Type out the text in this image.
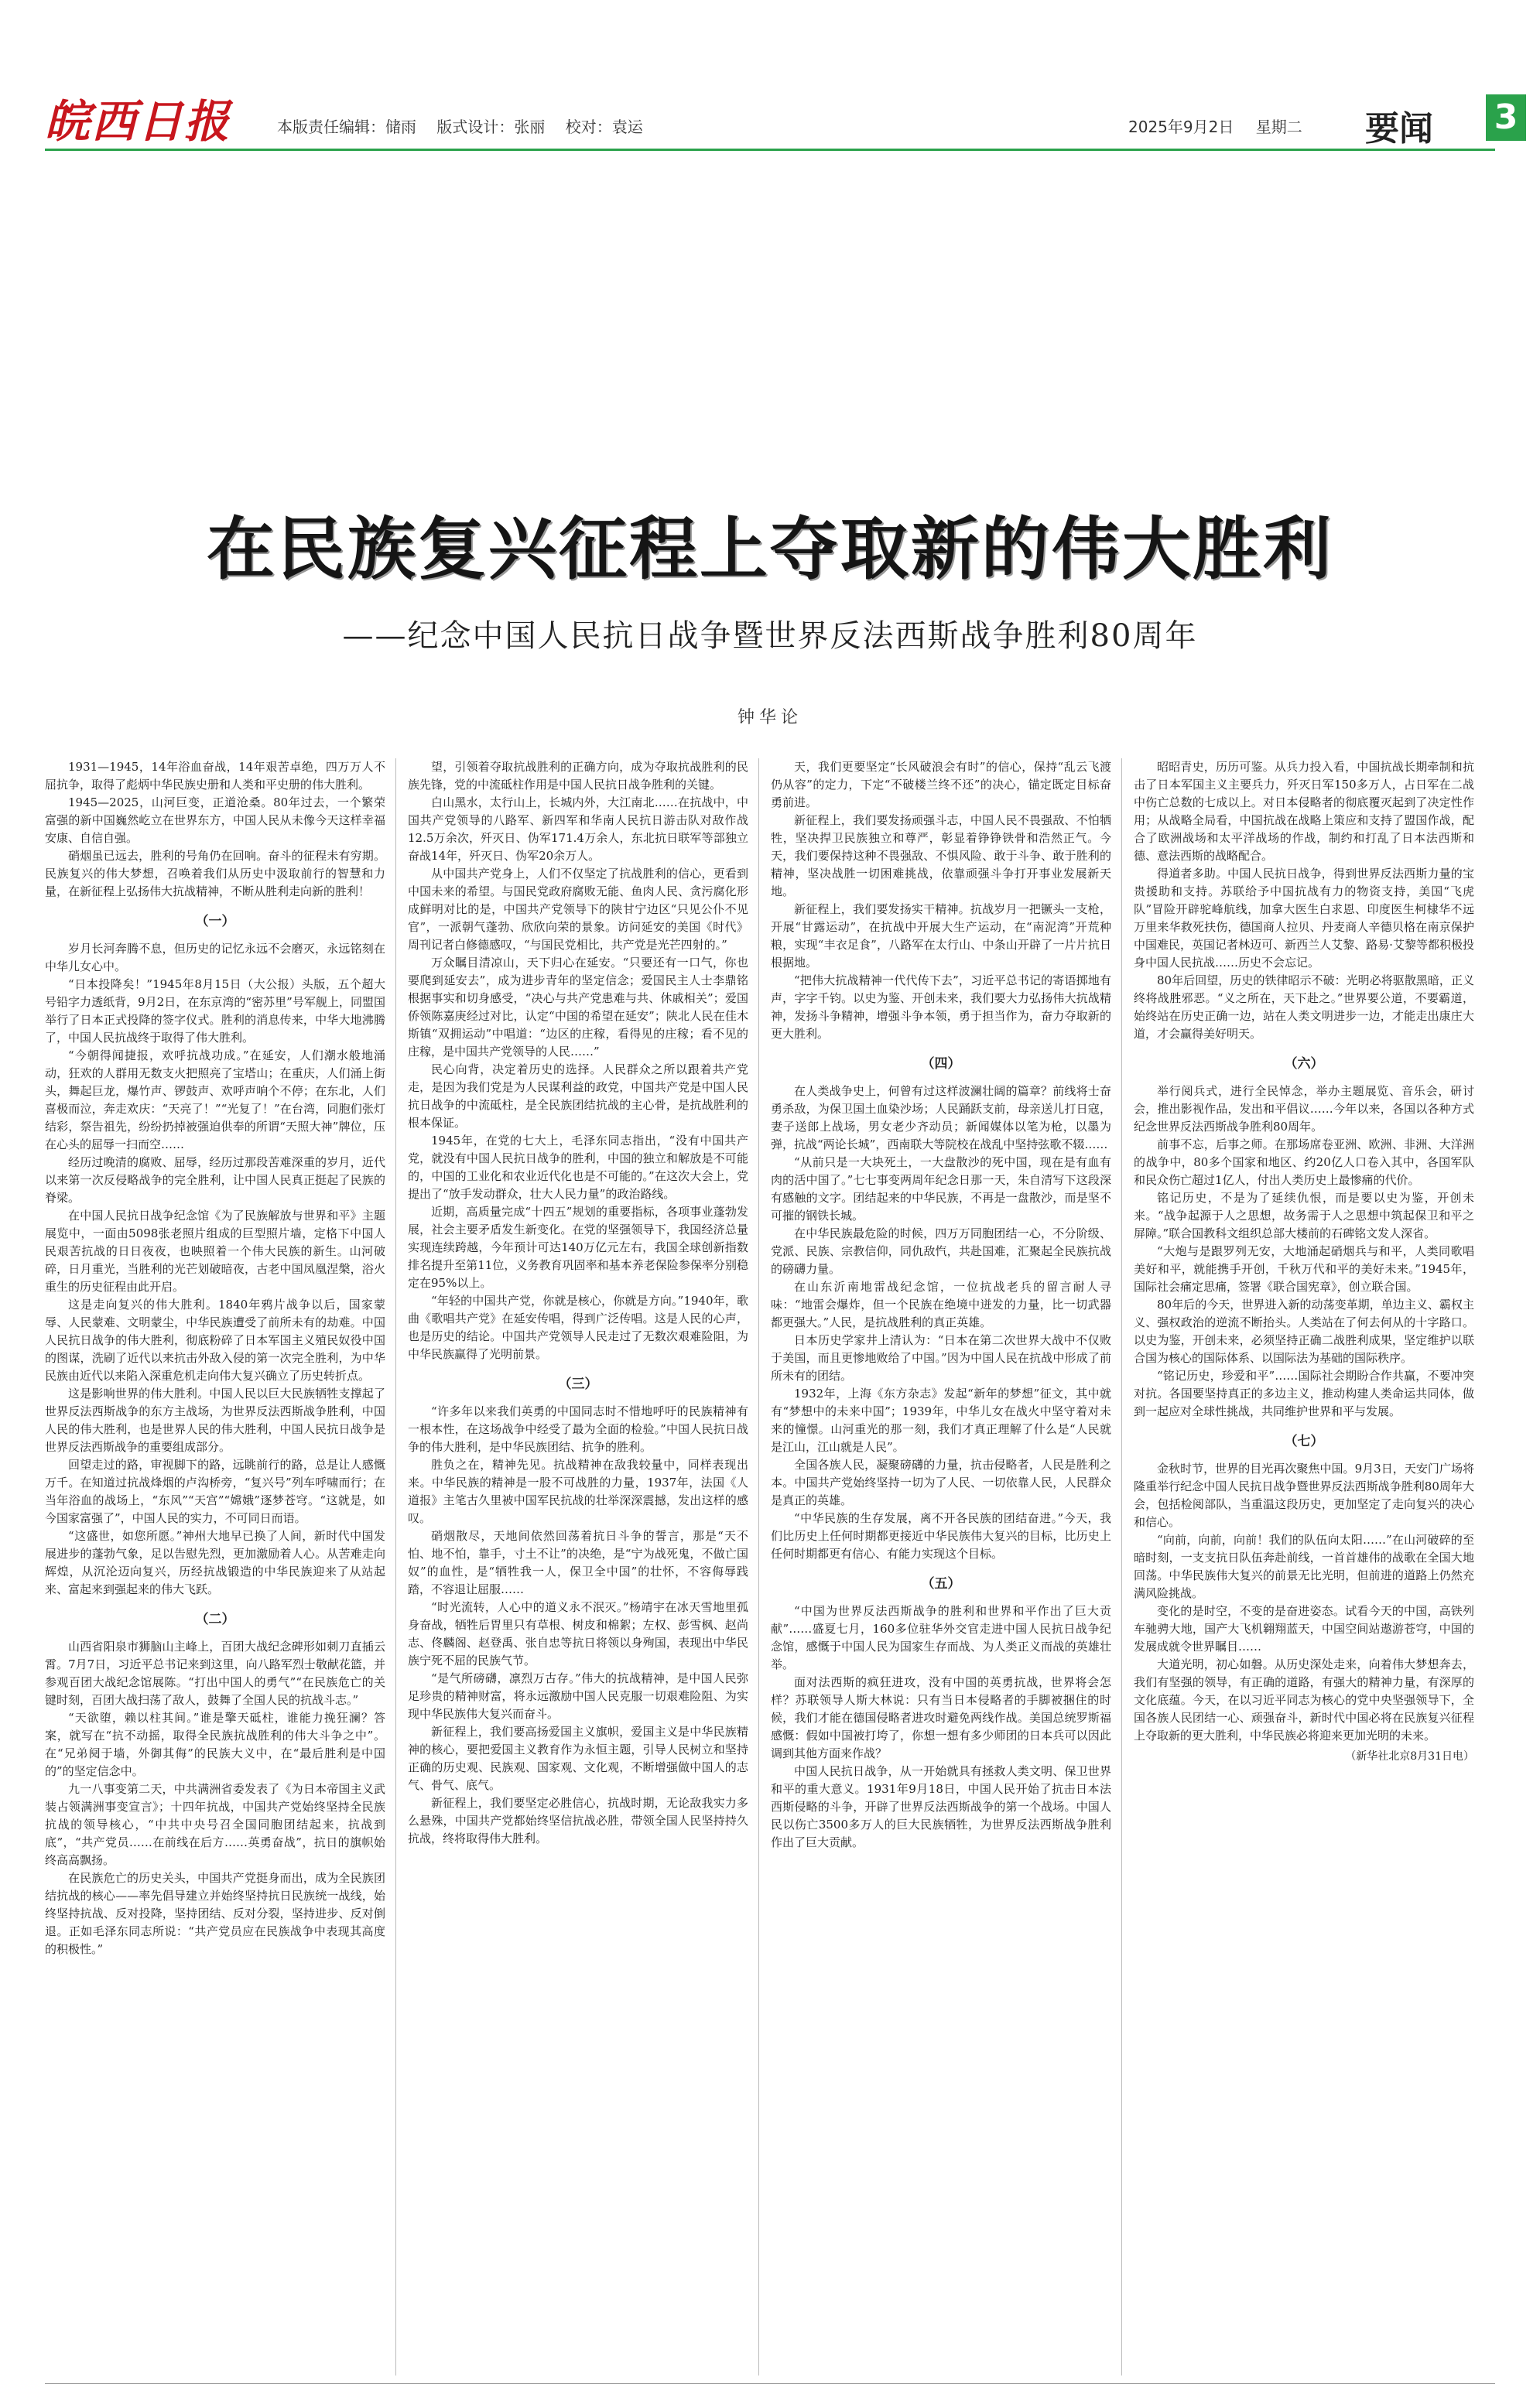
皖西日报	本版责任编辑：储雨 版式设计：张丽 校对：袁运	2025年9月2日 星期二	要闻 3
在民族复兴征程上夺取新的伟大胜利
——纪念中国人民抗日战争暨世界反法西斯战争胜利80周年
钟华论

1931—1945，14年浴血奋战，14年艰苦卓绝，四万万人不屈抗争，取得了彪炳中华民族史册和人类和平史册的伟大胜利。

1945—2025，山河巨变，正道沧桑。80年过去，一个繁荣富强的新中国巍然屹立在世界东方，中国人民从未像今天这样幸福安康、自信自强。

硝烟虽已远去，胜利的号角仍在回响。奋斗的征程未有穷期。民族复兴的伟大梦想，召唤着我们从历史中汲取前行的智慧和力量，在新征程上弘扬伟大抗战精神，不断从胜利走向新的胜利！

（一）

岁月长河奔腾不息，但历史的记忆永远不会磨灭，永远铭刻在中华儿女心中。

“日本投降矣！”1945年8月15日（大公报）头版，五个超大号铅字力透纸背，9月2日，在东京湾的“密苏里”号军舰上，同盟国举行了日本正式投降的签字仪式。胜利的消息传来，中华大地沸腾了，中国人民抗战终于取得了伟大胜利。

“今朝得闻捷报，欢呼抗战功成。”在延安，人们潮水般地涌动，狂欢的人群用无数支火把照亮了宝塔山；在重庆，人们涌上街头，舞起巨龙，爆竹声、锣鼓声、欢呼声响个不停；在东北，人们喜极而泣，奔走欢庆：“天亮了！”“光复了！”在台湾，同胞们张灯结彩，祭告祖先，纷纷扔掉被强迫供奉的所谓“天照大神”牌位，压在心头的屈辱一扫而空……

经历过晚清的腐败、屈辱，经历过那段苦难深重的岁月，近代以来第一次反侵略战争的完全胜利，让中国人民真正挺起了民族的脊梁。

在中国人民抗日战争纪念馆《为了民族解放与世界和平》主题展览中，一面由5098张老照片组成的巨型照片墙，定格下中国人民艰苦抗战的日日夜夜，也映照着一个伟大民族的新生。山河破碎，日月重光，当胜利的光芒划破暗夜，古老中国凤凰涅槃，浴火重生的历史征程由此开启。

这是走向复兴的伟大胜利。1840年鸦片战争以后，国家蒙辱、人民蒙难、文明蒙尘，中华民族遭受了前所未有的劫难。中国人民抗日战争的伟大胜利，彻底粉碎了日本军国主义殖民奴役中国的图谋，洗刷了近代以来抗击外敌入侵的第一次完全胜利，为中华民族由近代以来陷入深重危机走向伟大复兴确立了历史转折点。

这是影响世界的伟大胜利。中国人民以巨大民族牺牲支撑起了世界反法西斯战争的东方主战场，为世界反法西斯战争胜利，中国人民的伟大胜利，也是世界人民的伟大胜利，中国人民抗日战争是世界反法西斯战争的重要组成部分。

回望走过的路，审视脚下的路，远眺前行的路，总是让人感慨万千。在知道过抗战烽烟的卢沟桥旁，“复兴号”列车呼啸而行；在当年浴血的战场上，“东风”“天宫”“嫦娥”逐梦苍穹。“这就是，如今国家富强了”，中国人民的实力，不可同日而语。

“这盛世，如您所愿。”神州大地早已换了人间，新时代中国发展进步的蓬勃气象，足以告慰先烈，更加激励着人心。从苦难走向辉煌，从沉沦迈向复兴，历经抗战锻造的中华民族迎来了从站起来、富起来到强起来的伟大飞跃。

（二）

山西省阳泉市狮脑山主峰上，百团大战纪念碑形如刺刀直插云霄。7月7日，习近平总书记来到这里，向八路军烈士敬献花篮，并参观百团大战纪念馆展陈。“打出中国人的勇气”“在民族危亡的关键时刻，百团大战扫荡了敌人，鼓舞了全国人民的抗战斗志。”

“天欲堕，赖以柱其间。”谁是擎天砥柱，谁能力挽狂澜？答案，就写在“抗不动摇，取得全民族抗战胜利的伟大斗争之中”。在“兄弟阋于墙，外御其侮”的民族大义中，在“最后胜利是中国的”的坚定信念中。

九一八事变第二天，中共满洲省委发表了《为日本帝国主义武装占领满洲事变宣言》；十四年抗战，中国共产党始终坚持全民族抗战的领导核心，“中共中央号召全国同胞团结起来，抗战到底”，“共产党员……在前线在后方……英勇奋战”，抗日的旗帜始终高高飘扬。

在民族危亡的历史关头，中国共产党挺身而出，成为全民族团结抗战的核心——率先倡导建立并始终坚持抗日民族统一战线，始终坚持抗战、反对投降，坚持团结、反对分裂，坚持进步、反对倒退。正如毛泽东同志所说：“共产党员应在民族战争中表现其高度的积极性。”

望，引领着夺取抗战胜利的正确方向，成为夺取抗战胜利的民族先锋，党的中流砥柱作用是中国人民抗日战争胜利的关键。

白山黑水，太行山上，长城内外，大江南北……在抗战中，中国共产党领导的八路军、新四军和华南人民抗日游击队对敌作战12.5万余次，歼灭日、伪军171.4万余人，东北抗日联军等部独立奋战14年，歼灭日、伪军20余万人。

从中国共产党身上，人们不仅坚定了抗战胜利的信心，更看到中国未来的希望。与国民党政府腐败无能、鱼肉人民、贪污腐化形成鲜明对比的是，中国共产党领导下的陕甘宁边区“只见公仆不见官”，一派朝气蓬勃、欣欣向荣的景象。访问延安的美国《时代》周刊记者白修德感叹，“与国民党相比，共产党是光芒四射的。”

万众瞩目清凉山，天下归心在延安。“只要还有一口气，你也要爬到延安去”，成为进步青年的坚定信念；爱国民主人士李鼎铭根据事实和切身感受，“决心与共产党患难与共、休戚相关”；爱国侨领陈嘉庚经过对比，认定“中国的希望在延安”；陕北人民在佳木斯镇“双拥运动”中唱道：“边区的庄稼，看得见的庄稼；看不见的庄稼，是中国共产党领导的人民……”

民心向背，决定着历史的选择。人民群众之所以跟着共产党走，是因为我们党是为人民谋利益的政党，中国共产党是中国人民抗日战争的中流砥柱，是全民族团结抗战的主心骨，是抗战胜利的根本保证。

1945年，在党的七大上，毛泽东同志指出，“没有中国共产党，就没有中国人民抗日战争的胜利，中国的独立和解放是不可能的，中国的工业化和农业近代化也是不可能的。”在这次大会上，党提出了“放手发动群众，壮大人民力量”的政治路线。

近期，高质量完成“十四五”规划的重要指标，各项事业蓬勃发展，社会主要矛盾发生新变化。在党的坚强领导下，我国经济总量实现连续跨越，今年预计可达140万亿元左右，我国全球创新指数排名提升至第11位，义务教育巩固率和基本养老保险参保率分别稳定在95%以上。

“年轻的中国共产党，你就是核心，你就是方向。”1940年，歌曲《歌唱共产党》在延安传唱，得到广泛传唱。这是人民的心声，也是历史的结论。中国共产党领导人民走过了无数次艰难险阻，为中华民族赢得了光明前景。

（三）

“许多年以来我们英勇的中国同志时不惜地呼吁的民族精神有一根本性，在这场战争中经受了最为全面的检验。”中国人民抗日战争的伟大胜利，是中华民族团结、抗争的胜利。

胜负之在，精神先见。抗战精神在敌我较量中，同样表现出来。中华民族的精神是一股不可战胜的力量，1937年，法国《人道报》主笔古久里被中国军民抗战的壮举深深震撼，发出这样的感叹。

硝烟散尽，天地间依然回荡着抗日斗争的誓言，那是“天不怕、地不怕，靠手，寸土不让”的决绝，是“宁为战死鬼，不做亡国奴”的血性，是“牺牲我一人，保卫全中国”的壮怀，不容侮辱践踏，不容退让屈服……

“时光流转，人心中的道义永不泯灭。”杨靖宇在冰天雪地里孤身奋战，牺牲后胃里只有草根、树皮和棉絮；左权、彭雪枫、赵尚志、佟麟阁、赵登禹、张自忠等抗日将领以身殉国，表现出中华民族宁死不屈的民族气节。

“是气所磅礴，凛烈万古存。”伟大的抗战精神，是中国人民弥足珍贵的精神财富，将永远激励中国人民克服一切艰难险阻、为实现中华民族伟大复兴而奋斗。

新征程上，我们要高扬爱国主义旗帜，爱国主义是中华民族精神的核心，要把爱国主义教育作为永恒主题，引导人民树立和坚持正确的历史观、民族观、国家观、文化观，不断增强做中国人的志气、骨气、底气。

新征程上，我们要坚定必胜信心，抗战时期，无论敌我实力多么悬殊，中国共产党都始终坚信抗战必胜，带领全国人民坚持持久抗战，终将取得伟大胜利。

天，我们更要坚定“长风破浪会有时”的信心，保持“乱云飞渡仍从容”的定力，下定“不破楼兰终不还”的决心，锚定既定目标奋勇前进。

新征程上，我们要发扬顽强斗志，中国人民不畏强敌、不怕牺牲，坚决捍卫民族独立和尊严，彰显着铮铮铁骨和浩然正气。今天，我们要保持这种不畏强敌、不惧风险、敢于斗争、敢于胜利的精神，坚决战胜一切困难挑战，依靠顽强斗争打开事业发展新天地。

新征程上，我们要发扬实干精神。抗战岁月一把镢头一支枪，开展“甘露运动”，在抗战中开展大生产运动，在“南泥湾”开荒种粮，实现“丰衣足食”，八路军在太行山、中条山开辟了一片片抗日根据地。

“把伟大抗战精神一代代传下去”，习近平总书记的寄语掷地有声，字字千钧。以史为鉴、开创未来，我们要大力弘扬伟大抗战精神，发扬斗争精神，增强斗争本领，勇于担当作为，奋力夺取新的更大胜利。

（四）

在人类战争史上，何曾有过这样波澜壮阔的篇章？前线将士奋勇杀敌，为保卫国土血染沙场；人民踊跃支前，母亲送儿打日寇，妻子送郎上战场，男女老少齐动员；新闻媒体以笔为枪，以墨为弹，抗战“两论长城”，西南联大等院校在战乱中坚持弦歌不辍……

“从前只是一大块死土，一大盘散沙的死中国，现在是有血有肉的活中国了。”七七事变两周年纪念日那一天，朱自清写下这段深有感触的文字。团结起来的中华民族，不再是一盘散沙，而是坚不可摧的钢铁长城。

在中华民族最危险的时候，四万万同胞团结一心，不分阶级、党派、民族、宗教信仰，同仇敌忾，共赴国难，汇聚起全民族抗战的磅礴力量。

在山东沂南地雷战纪念馆，一位抗战老兵的留言耐人寻味：“地雷会爆炸，但一个民族在绝境中迸发的力量，比一切武器都更强大。”人民，是抗战胜利的真正英雄。

日本历史学家井上清认为：“日本在第二次世界大战中不仅败于美国，而且更惨地败给了中国。”因为中国人民在抗战中形成了前所未有的团结。

1932年，上海《东方杂志》发起“新年的梦想”征文，其中就有“梦想中的未来中国”；1939年，中华儿女在战火中坚守着对未来的憧憬。山河重光的那一刻，我们才真正理解了什么是“人民就是江山，江山就是人民”。

全国各族人民，凝聚磅礴的力量，抗击侵略者，人民是胜利之本。中国共产党始终坚持一切为了人民、一切依靠人民，人民群众是真正的英雄。

“中华民族的生存发展，离不开各民族的团结奋进。”今天，我们比历史上任何时期都更接近中华民族伟大复兴的目标，比历史上任何时期都更有信心、有能力实现这个目标。

（五）

“中国为世界反法西斯战争的胜利和世界和平作出了巨大贡献”……盛夏七月，160多位驻华外交官走进中国人民抗日战争纪念馆，感慨于中国人民为国家生存而战、为人类正义而战的英雄壮举。

面对法西斯的疯狂进攻，没有中国的英勇抗战，世界将会怎样？苏联领导人斯大林说：只有当日本侵略者的手脚被捆住的时候，我们才能在德国侵略者进攻时避免两线作战。美国总统罗斯福感慨：假如中国被打垮了，你想一想有多少师团的日本兵可以因此调到其他方面来作战？

中国人民抗日战争，从一开始就具有拯救人类文明、保卫世界和平的重大意义。1931年9月18日，中国人民开始了抗击日本法西斯侵略的斗争，开辟了世界反法西斯战争的第一个战场。中国人民以伤亡3500多万人的巨大民族牺牲，为世界反法西斯战争胜利作出了巨大贡献。

昭昭青史，历历可鉴。从兵力投入看，中国抗战长期牵制和抗击了日本军国主义主要兵力，歼灭日军150多万人，占日军在二战中伤亡总数的七成以上。对日本侵略者的彻底覆灭起到了决定性作用；从战略全局看，中国抗战在战略上策应和支持了盟国作战，配合了欧洲战场和太平洋战场的作战，制约和打乱了日本法西斯和德、意法西斯的战略配合。

得道者多助。中国人民抗日战争，得到世界反法西斯力量的宝贵援助和支持。苏联给予中国抗战有力的物资支持，美国“飞虎队”冒险开辟驼峰航线，加拿大医生白求恩、印度医生柯棣华不远万里来华救死扶伤，德国商人拉贝、丹麦商人辛德贝格在南京保护中国难民，英国记者林迈可、新西兰人艾黎、路易·艾黎等都积极投身中国人民抗战……历史不会忘记。

80年后回望，历史的铁律昭示不破：光明必将驱散黑暗，正义终将战胜邪恶。“义之所在，天下赴之。”世界要公道，不要霸道，始终站在历史正确一边，站在人类文明进步一边，才能走出康庄大道，才会赢得美好明天。

（六）

举行阅兵式，进行全民悼念，举办主题展览、音乐会，研讨会，推出影视作品，发出和平倡议……今年以来，各国以各种方式纪念世界反法西斯战争胜利80周年。

前事不忘，后事之师。在那场席卷亚洲、欧洲、非洲、大洋洲的战争中，80多个国家和地区、约20亿人口卷入其中，各国军队和民众伤亡超过1亿人，付出人类历史上最惨痛的代价。

铭记历史，不是为了延续仇恨，而是要以史为鉴，开创未来。“战争起源于人之思想，故务需于人之思想中筑起保卫和平之屏障。”联合国教科文组织总部大楼前的石碑铭文发人深省。

“大炮与是跟罗列无安，大地涌起硝烟兵与和平，人类同歌唱美好和平，就能携手开创，千秋万代和平的美好未来。”1945年，国际社会痛定思痛，签署《联合国宪章》，创立联合国。

80年后的今天，世界进入新的动荡变革期，单边主义、霸权主义、强权政治的逆流不断抬头。人类站在了何去何从的十字路口。以史为鉴，开创未来，必须坚持正确二战胜利成果，坚定维护以联合国为核心的国际体系、以国际法为基础的国际秩序。

“铭记历史，珍爱和平”……国际社会期盼合作共赢，不要冲突对抗。各国要坚持真正的多边主义，推动构建人类命运共同体，做到一起应对全球性挑战，共同维护世界和平与发展。

（七）

金秋时节，世界的目光再次聚焦中国。9月3日，天安门广场将隆重举行纪念中国人民抗日战争暨世界反法西斯战争胜利80周年大会，包括检阅部队，当重温这段历史，更加坚定了走向复兴的决心和信心。

“向前，向前，向前！我们的队伍向太阳……”在山河破碎的至暗时刻，一支支抗日队伍奔赴前线，一首首雄伟的战歌在全国大地回荡。中华民族伟大复兴的前景无比光明，但前进的道路上仍然充满风险挑战。

变化的是时空，不变的是奋进姿态。试看今天的中国，高铁列车驰骋大地，国产大飞机翱翔蓝天，中国空间站遨游苍穹，中国的发展成就令世界瞩目……

大道光明，初心如磐。从历史深处走来，向着伟大梦想奔去，我们有坚强的领导，有正确的道路，有强大的精神力量，有深厚的文化底蕴。今天，在以习近平同志为核心的党中央坚强领导下，全国各族人民团结一心、顽强奋斗，新时代中国必将在民族复兴征程上夺取新的更大胜利，中华民族必将迎来更加光明的未来。

（新华社北京8月31日电）
